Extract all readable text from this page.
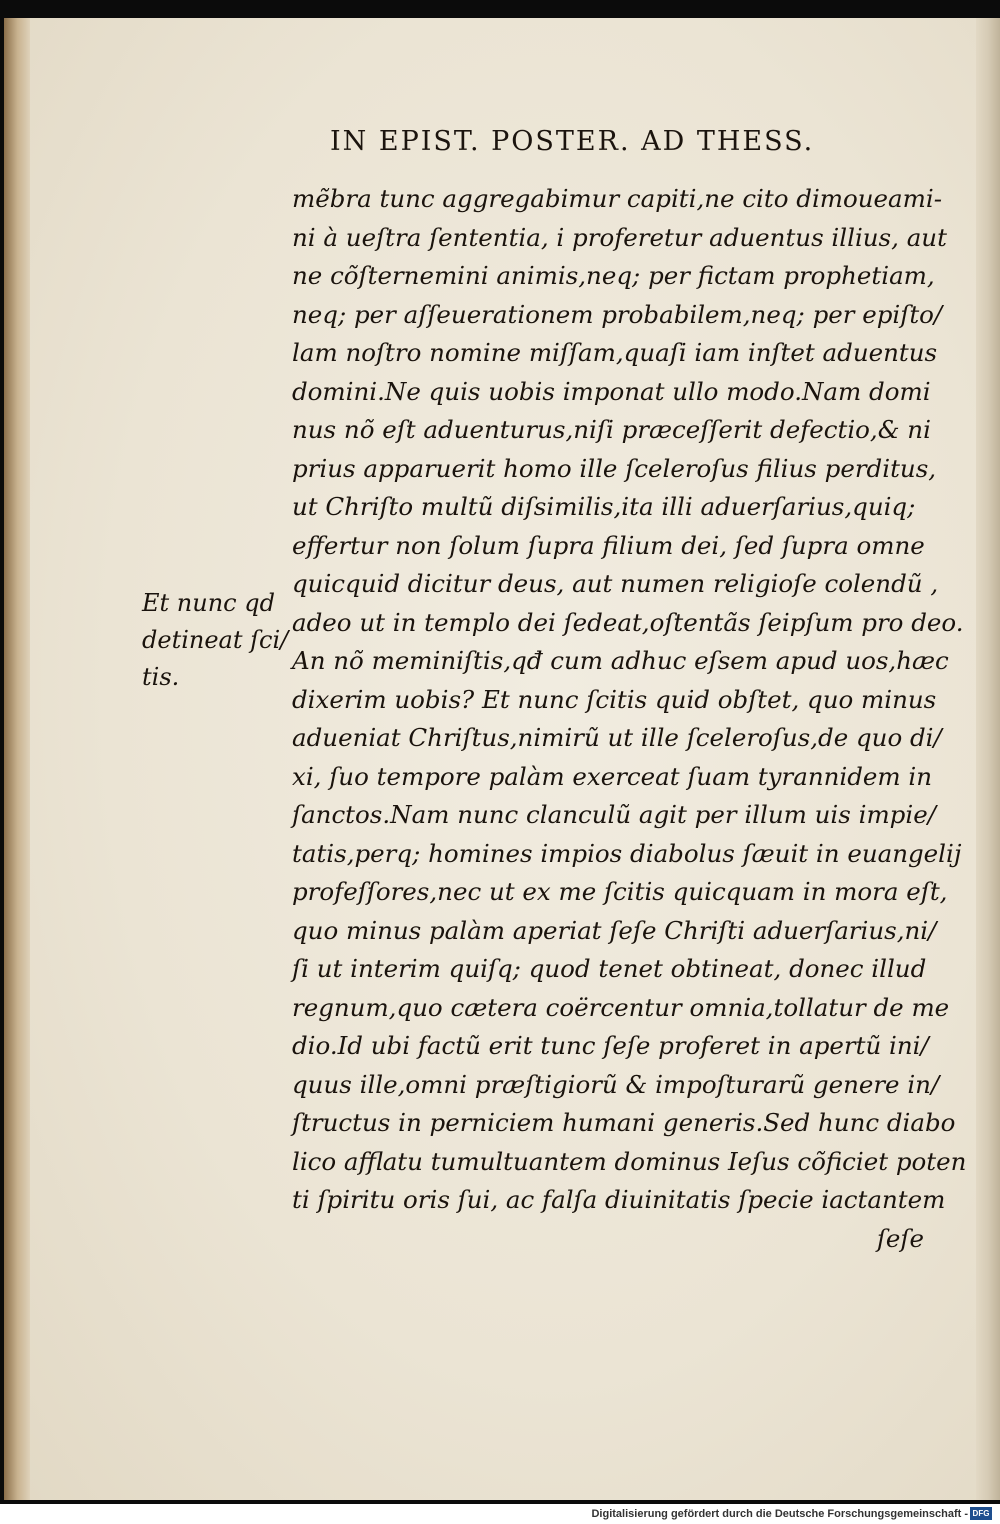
IN EPIST. POSTER. AD THESS.
Et nunc qd
detineat ſci/
tis.
mẽbra tunc aggregabimur capiti,ne cito dimoueami-
ni à ueſtra ſententia, i proferetur aduentus illius, aut
ne cõſternemini animis,neq; per fictam prophetiam,
neq; per aſſeuerationem probabilem,neq; per epiſto/
lam noſtro nomine miſſam,quaſi iam inſtet aduentus
domini.Ne quis uobis imponat ullo modo.Nam domi
nus nõ eſt aduenturus,niſi præceſſerit defectio,& ni
prius apparuerit homo ille ſceleroſus filius perditus,
ut Chriſto multũ diſsimilis,ita illi aduerſarius,quiq;
effertur non ſolum ſupra filium dei, ſed ſupra omne
quicquid dicitur deus, aut numen religioſe colendũ ,
adeo ut in templo dei ſedeat,oſtentãs ſeipſum pro deo.
An nõ meminiſtis,qđ cum adhuc eſsem apud uos,hæc
dixerim uobis? Et nunc ſcitis quid obſtet, quo minus
adueniat Chriſtus,nimirũ ut ille ſceleroſus,de quo di/
xi, ſuo tempore palàm exerceat ſuam tyrannidem in
ſanctos.Nam nunc clanculũ agit per illum uis impie/
tatis,perq; homines impios diabolus ſæuit in euangelij
profeſſores,nec ut ex me ſcitis quicquam in mora eſt,
quo minus palàm aperiat ſeſe Chriſti aduerſarius,ni/
ſi ut interim quiſq; quod tenet obtineat, donec illud
regnum,quo cætera coërcentur omnia,tollatur de me
dio.Id ubi factũ erit tunc ſeſe proferet in apertũ ini/
quus ille,omni præſtigiorũ & impoſturarũ genere in/
ſtructus in perniciem humani generis.Sed hunc diabo
lico afflatu tumultuantem dominus Ieſus cõficiet poten
ti ſpiritu oris ſui, ac falſa diuinitatis ſpecie iactantem
ſeſe
Digitalisierung gefördert durch die Deutsche Forschungsgemeinschaft - DFG
